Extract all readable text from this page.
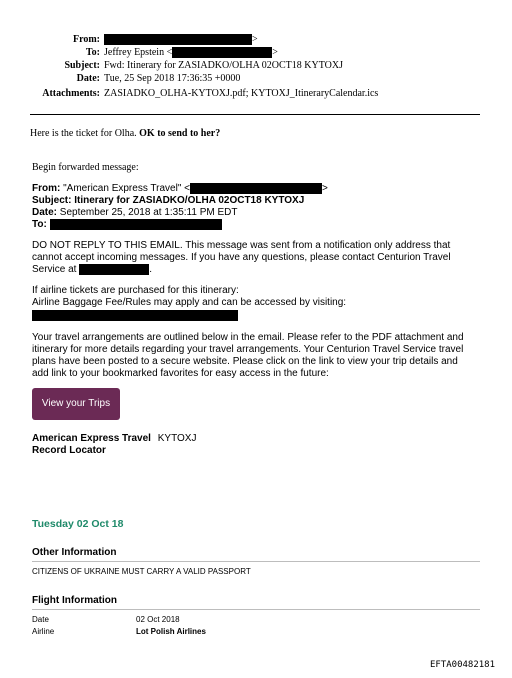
From:	>
To: Jeffrey Epstein <	>
Subject: Fwd: Itinerary for ZASIADKO/OLHA 02OCT18 KYTOXJ
Date: Tue, 25 Sep 2018 17:36:35 +0000
Attachments: ZASIADKO_OLHA-KYTOXJ.pdf; KYTOXJ_ItineraryCalendar.ics
Here is the ticket for Olha. OK to send to her?
Begin forwarded message:
From: "American Express Travel" <	>
Subject: Itinerary for ZASIADKO/OLHA 02OCT18 KYTOXJ
Date: September 25, 2018 at 1:35:11 PM EDT
To:
DO NOT REPLY TO THIS EMAIL. This message was sent from a notification only address that
cannot accept incoming messages. If you have any questions, please contact Centurion Travel
Service at	.
If airline tickets are purchased for this itinerary:
Airline Baggage Fee/Rules may apply and can be accessed by visiting:
Your travel arrangements are outlined below in the email. Please refer to the PDF attachment and
itinerary for more details regarding your travel arrangements. Your Centurion Travel Service travel
plans have been posted to a secure website. Please click on the link to view your trip details and
add link to your bookmarked favorites for easy access in the future:
View your Trips
American Express Travel KYTOXJ
Record Locator
Tuesday 02 Oct 18
Other Information
CITIZENS OF UKRAINE MUST CARRY A VALID PASSPORT
Flight Information
Date	02 Oct 2018
Airline	Lot Polish Airlines
EFTA00482181
